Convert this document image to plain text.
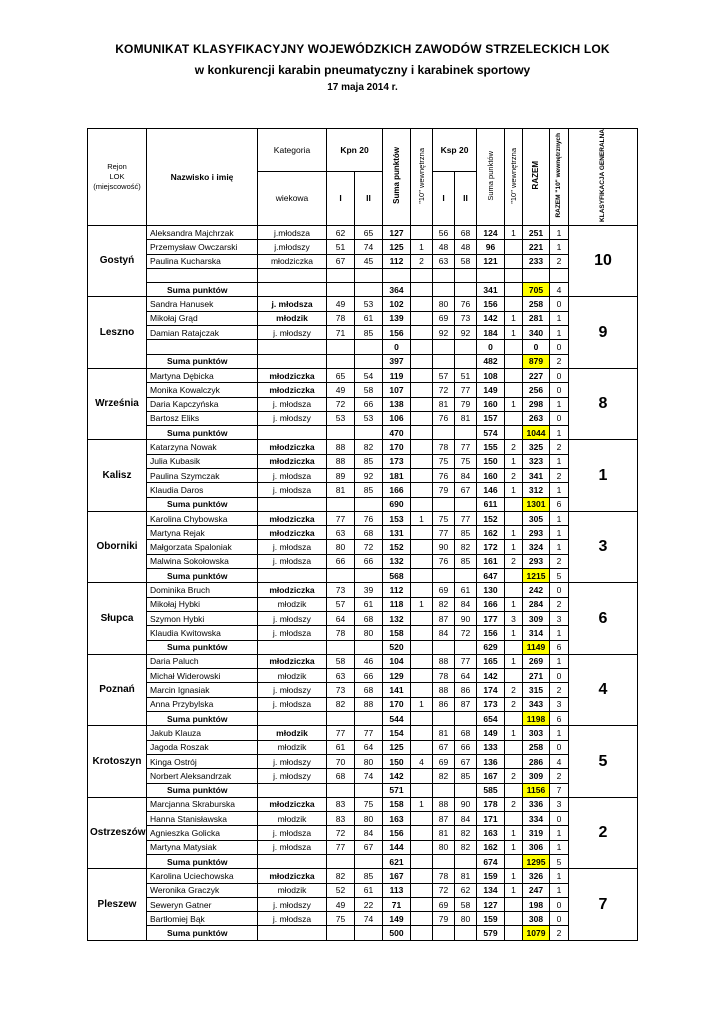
KOMUNIKAT KLASYFIKACYJNY WOJEWÓDZKICH ZAWODÓW STRZELECKICH LOK
w konkurencji karabin pneumatyczny i karabinek sportowy
17 maja 2014 r.
Rejon
LOK
(miejscowość)	Nazwisko i imię	Kategoria	Kpn 20		Suma punktów	"10" wewnętrzna	Ksp 20		Suma punktów	"10" wewnętrzna	RAZEM	RAZEM "10" wewnętrznych	KLASYFIKACJA GENERALNA
		wiekowa	I	II			I	II					
Gostyń	Aleksandra Majchrzak	j.młodsza	62	65	127		56	68	124	1	251	1	10
	Przemysław Owczarski	j.młodszy	51	74	125	1	48	48	96		221	1	
	Paulina Kucharska	młodziczka	67	45	112	2	63	58	121		233	2	

	Suma punktów				364				341		705	4	
Leszno	Sandra Hanusek	j. młodsza	49	53	102		80	76	156		258	0	9
	Mikołaj Grąd	młodzik	78	61	139		69	73	142	1	281	1	
	Damian Ratajczak	j. młodszy	71	85	156		92	92	184	1	340	1	
					0				0		0	0	
	Suma punktów				397				482		879	2	
Września	Martyna Dębicka	młodziczka	65	54	119		57	51	108		227	0	8
	Monika Kowalczyk	młodziczka	49	58	107		72	77	149		256	0	
	Daria Kapczyńska	j. młodsza	72	66	138		81	79	160	1	298	1	
	Bartosz Eliks	j. młodszy	53	53	106		76	81	157		263	0	
	Suma punktów				470				574		1044	1	
Kalisz	Katarzyna Nowak	młodziczka	88	82	170		78	77	155	2	325	2	1
	Julia Kubasik	młodziczka	88	85	173		75	75	150	1	323	1	
	Paulina Szymczak	j. młodsza	89	92	181		76	84	160	2	341	2	
	Klaudia Daros	j. młodsza	81	85	166		79	67	146	1	312	1	
	Suma punktów				690				611		1301	6	
Oborniki	Karolina Chybowska	młodziczka	77	76	153	1	75	77	152		305	1	3
	Martyna Rejak	młodziczka	63	68	131		77	85	162	1	293	1	
	Małgorzata Spaloniak	j. młodsza	80	72	152		90	82	172	1	324	1	
	Malwina Sokołowska	j. młodsza	66	66	132		76	85	161	2	293	2	
	Suma punktów				568				647		1215	5	
Słupca	Dominika Bruch	młodziczka	73	39	112		69	61	130		242	0	6
	Mikołaj Hybki	młodzik	57	61	118	1	82	84	166	1	284	2	
	Szymon Hybki	j. młodszy	64	68	132		87	90	177	3	309	3	
	Klaudia Kwitowska	j. młodsza	78	80	158		84	72	156	1	314	1	
	Suma punktów				520				629		1149	6	
Poznań	Daria Paluch	młodziczka	58	46	104		88	77	165	1	269	1	4
	Michał Widerowski	młodzik	63	66	129		78	64	142		271	0	
	Marcin Ignasiak	j. młodszy	73	68	141		88	86	174	2	315	2	
	Anna Przybylska	j. młodsza	82	88	170	1	86	87	173	2	343	3	
	Suma punktów				544				654		1198	6	
Krotoszyn	Jakub Klauza	młodzik	77	77	154		81	68	149	1	303	1	5
	Jagoda Roszak	młodzik	61	64	125		67	66	133		258	0	
	Kinga Ostrój	j. młodszy	70	80	150	4	69	67	136		286	4	
	Norbert Aleksandrzak	j. młodszy	68	74	142		82	85	167	2	309	2	
	Suma punktów				571				585		1156	7	
Ostrzeszów	Marcjanna Skraburska	młodziczka	83	75	158	1	88	90	178	2	336	3	2
	Hanna Stanisławska	młodzik	83	80	163		87	84	171		334	0	
	Agnieszka Golicka	j. młodsza	72	84	156		81	82	163	1	319	1	
	Martyna Matysiak	j. młodsza	77	67	144		80	82	162	1	306	1	
	Suma punktów				621				674		1295	5	
Pleszew	Karolina Uciechowska	młodziczka	82	85	167		78	81	159	1	326	1	7
	Weronika Graczyk	młodzik	52	61	113		72	62	134	1	247	1	
	Seweryn Gatner	j. młodszy	49	22	71		69	58	127		198	0	
	Bartłomiej Bąk	j. młodsza	75	74	149		79	80	159		308	0	
	Suma punktów				500				579		1079	2	
